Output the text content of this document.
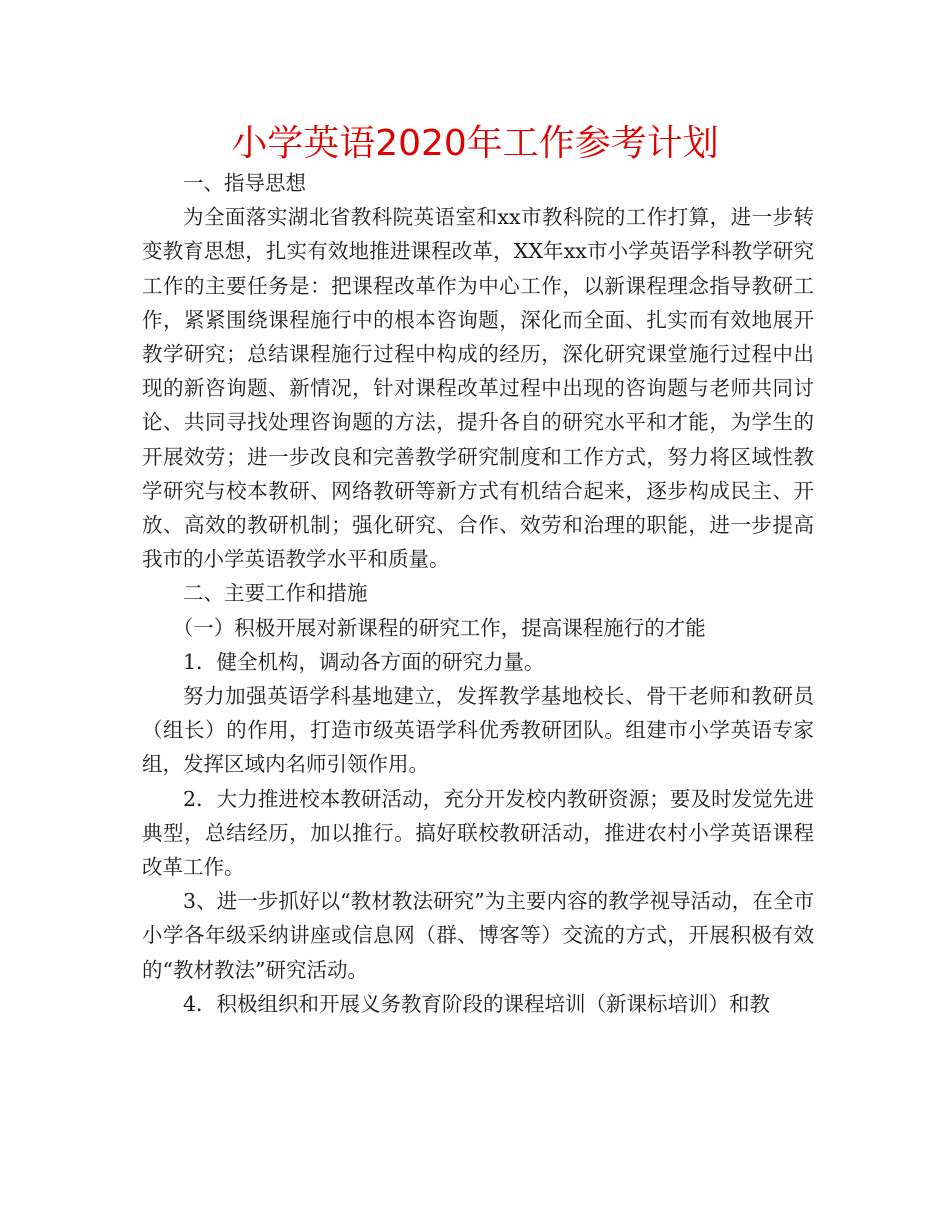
小学英语2020年工作参考计划

一、指导思想

为全面落实湖北省教科院英语室和xx市教科院的工作打算，进一步转变教育思想，扎实有效地推进课程改革，XX年xx市小学英语学科教学研究工作的主要任务是：把课程改革作为中心工作，以新课程理念指导教研工作，紧紧围绕课程施行中的根本咨询题，深化而全面、扎实而有效地展开教学研究；总结课程施行过程中构成的经历，深化研究课堂施行过程中出现的新咨询题、新情况，针对课程改革过程中出现的咨询题与老师共同讨论、共同寻找处理咨询题的方法，提升各自的研究水平和才能，为学生的开展效劳；进一步改良和完善教学研究制度和工作方式，努力将区域性教学研究与校本教研、网络教研等新方式有机结合起来，逐步构成民主、开放、高效的教研机制；强化研究、合作、效劳和治理的职能，进一步提高我市的小学英语教学水平和质量。

二、主要工作和措施

（一）积极开展对新课程的研究工作，提高课程施行的才能

1．健全机构，调动各方面的研究力量。

努力加强英语学科基地建立，发挥教学基地校长、骨干老师和教研员（组长）的作用，打造市级英语学科优秀教研团队。组建市小学英语专家组，发挥区域内名师引领作用。

2．大力推进校本教研活动，充分开发校内教研资源；要及时发觉先进典型，总结经历，加以推行。搞好联校教研活动，推进农村小学英语课程改革工作。

3、进一步抓好以“教材教法研究”为主要内容的教学视导活动，在全市小学各年级采纳讲座或信息网（群、博客等）交流的方式，开展积极有效的“教材教法”研究活动。

4．积极组织和开展义务教育阶段的课程培训（新课标培训）和教
